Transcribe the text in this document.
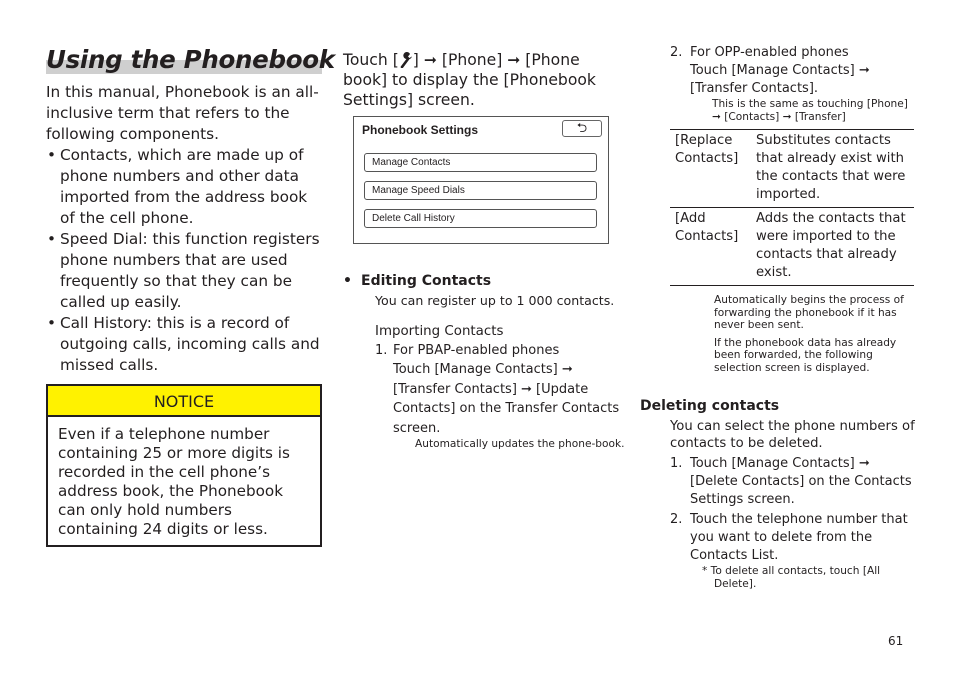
Using the Phonebook

In this manual, Phonebook is an all-inclusive term that refers to the following components.

• Contacts, which are made up of phone numbers and other data imported from the address book of the cell phone.
• Speed Dial: this function registers phone numbers that are used frequently so that they can be called up easily.
• Call History: this is a record of outgoing calls, incoming calls and missed calls.
NOTICE
Even if a telephone number containing 25 or more digits is recorded in the cell phone’s address book, the Phonebook can only hold numbers containing 24 digits or less.

Touch [ ] ➞ [Phone] ➞ [Phone book] to display the [Phonebook Settings] screen.

Phonebook Settings	⮌
Manage Contacts
Manage Speed Dials
Delete Call History
• Editing Contacts
You can register up to 1 000 contacts.
Importing Contacts
1. For PBAP-enabled phones
Touch [Manage Contacts] ➞ [Transfer Contacts] ➞ [Update Contacts] on the Transfer Contacts screen.
Automatically updates the phone-book.
2. For OPP-enabled phones
Touch [Manage Contacts] ➞ [Transfer Contacts].
This is the same as touching [Phone] ➞ [Contacts] ➞ [Transfer]
[Replace Contacts]	Substitutes contacts that already exist with the contacts that were imported.
[Add Contacts]	Adds the contacts that were imported to the contacts that already exist.
Automatically begins the process of forwarding the phonebook if it has never been sent.
If the phonebook data has already been forwarded, the following selection screen is displayed.
Deleting contacts

You can select the phone numbers of contacts to be deleted.

1. Touch [Manage Contacts] ➞ [Delete Contacts] on the Contacts Settings screen.
2. Touch the telephone number that you want to delete from the Contacts List.
* To delete all contacts, touch [All Delete].
61
